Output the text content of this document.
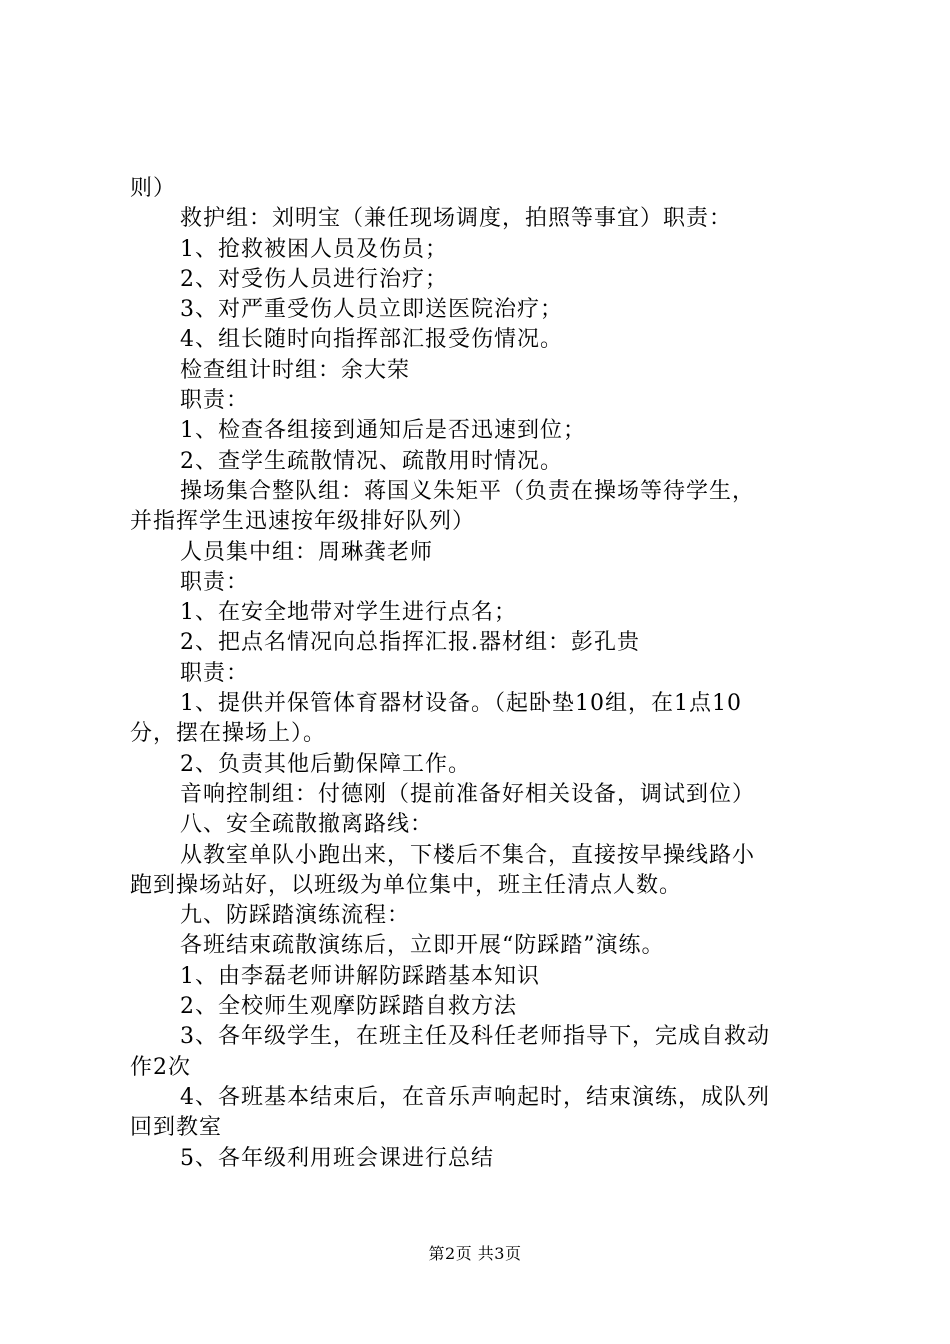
则）
救护组：刘明宝（兼任现场调度，拍照等事宜）职责：
1、抢救被困人员及伤员；
2、对受伤人员进行治疗；
3、对严重受伤人员立即送医院治疗；
4、组长随时向指挥部汇报受伤情况。
检查组计时组：余大荣
职责：
1、检查各组接到通知后是否迅速到位；
2、查学生疏散情况、疏散用时情况。
操场集合整队组：蒋国义朱矩平（负责在操场等待学生，
并指挥学生迅速按年级排好队列）
人员集中组：周琳龚老师
职责：
1、在安全地带对学生进行点名；
2、把点名情况向总指挥汇报.器材组：彭孔贵
职责：
1、提供并保管体育器材设备。（起卧垫10组，在1点10
分，摆在操场上）。
2、负责其他后勤保障工作。
音响控制组：付德刚（提前准备好相关设备，调试到位）
八、安全疏散撤离路线：
从教室单队小跑出来，下楼后不集合，直接按早操线路小
跑到操场站好，以班级为单位集中，班主任清点人数。
九、防踩踏演练流程：
各班结束疏散演练后，立即开展“防踩踏”演练。
1、由李磊老师讲解防踩踏基本知识
2、全校师生观摩防踩踏自救方法
3、各年级学生，在班主任及科任老师指导下，完成自救动
作2次
4、各班基本结束后，在音乐声响起时，结束演练，成队列
回到教室
5、各年级利用班会课进行总结
第2页 共3页
